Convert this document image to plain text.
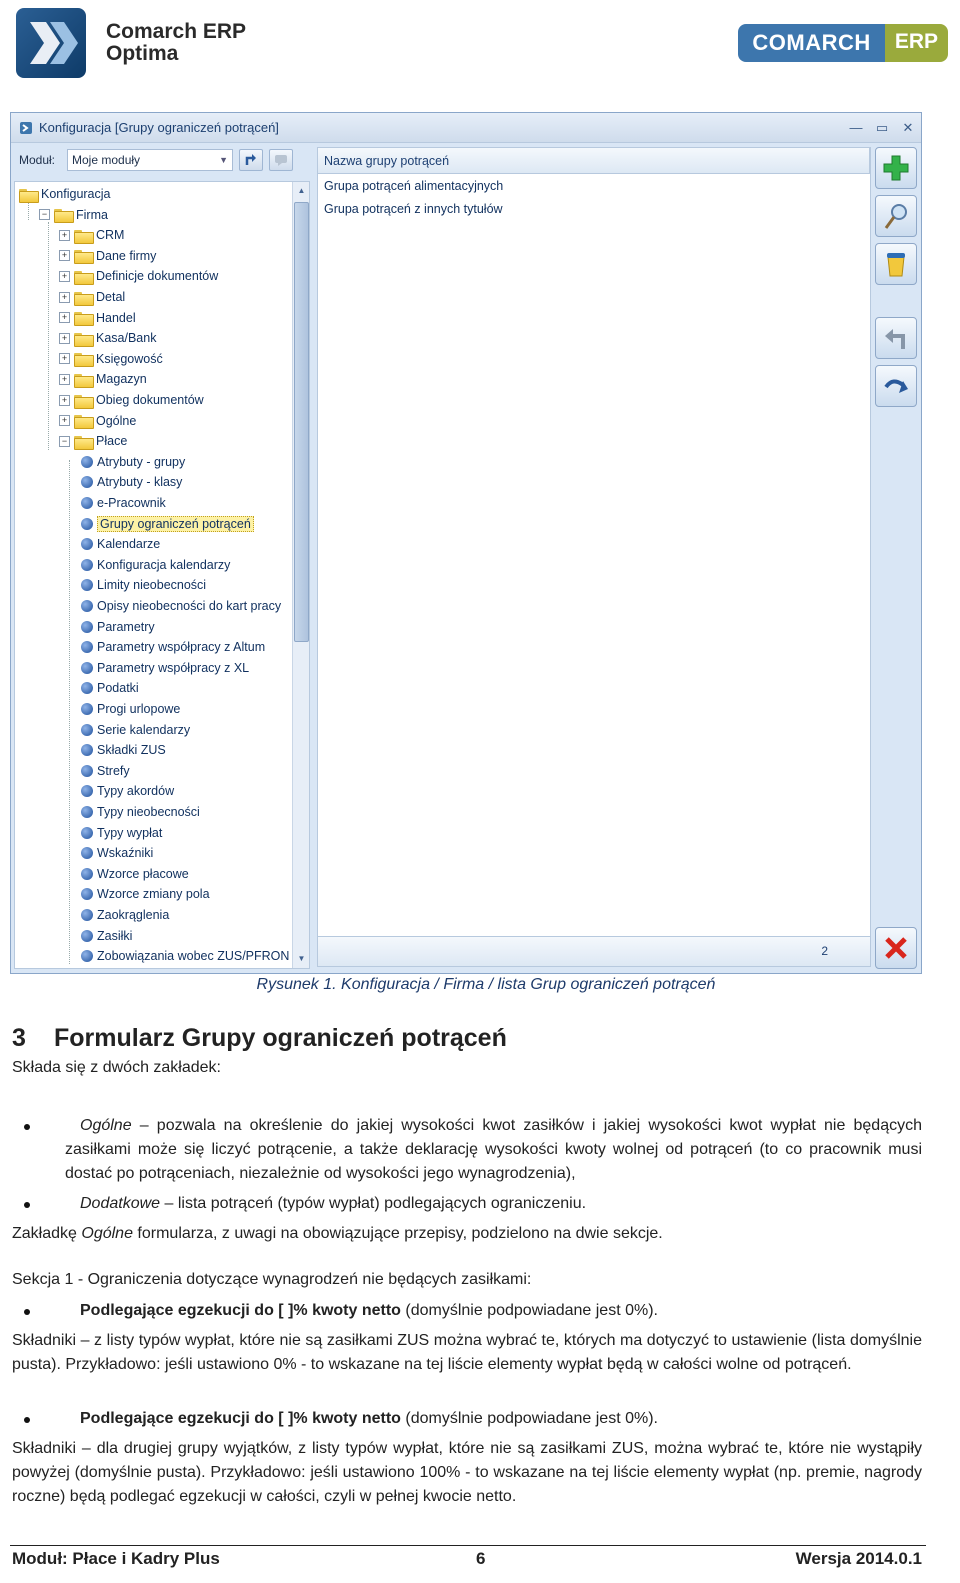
Comarch ERP
Optima	COMARCH	ERP
Konfiguracja [Grupy ograniczeń potrąceń]	—	▭	✕
Moduł:	Moje moduły	▼
▲
▼
Konfiguracja
− Firma
+ CRM
+ Dane firmy
+ Definicje dokumentów
+ Detal
+ Handel
+ Kasa/Bank
+ Księgowość
+ Magazyn
+ Obieg dokumentów
+ Ogólne
− Płace
Atrybuty - grupy
Atrybuty - klasy
e-Pracownik
Grupy ograniczeń potrąceń
Kalendarze
Konfiguracja kalendarzy
Limity nieobecności
Opisy nieobecności do kart pracy
Parametry
Parametry współpracy z Altum
Parametry współpracy z XL
Podatki
Progi urlopowe
Serie kalendarzy
Składki ZUS
Strefy
Typy akordów
Typy nieobecności
Typy wypłat
Wskaźniki
Wzorce płacowe
Wzorce zmiany pola
Zaokrąglenia
Zasiłki
Zobowiązania wobec ZUS/PFRON
Nazwa grupy potrąceń
Grupa potrąceń alimentacyjnych
Grupa potrąceń z innych tytułów
2
Rysunek 1. Konfiguracja / Firma / lista Grup ograniczeń potrąceń
3 Formularz Grupy ograniczeń potrąceń
Składa się z dwóch zakładek:
Ogólne – pozwala na określenie do jakiej wysokości kwot zasiłków i jakiej wysokości kwot wypłat nie będących zasiłkami może się liczyć potrącenie, a także deklarację wysokości kwoty wolnej od potrąceń (to co pracownik musi dostać po potrąceniach, niezależnie od wysokości jego wynagrodzenia),
Dodatkowe – lista potrąceń (typów wypłat) podlegających ograniczeniu.
Zakładkę Ogólne formularza, z uwagi na obowiązujące przepisy, podzielono na dwie sekcje.
Sekcja 1 - Ograniczenia dotyczące wynagrodzeń nie będących zasiłkami:
Podlegające egzekucji do [ ]% kwoty netto (domyślnie podpowiadane jest 0%).
Składniki – z listy typów wypłat, które nie są zasiłkami ZUS można wybrać te, których ma dotyczyć to ustawienie (lista domyślnie pusta). Przykładowo: jeśli ustawiono 0% - to wskazane na tej liście elementy wypłat będą w całości wolne od potrąceń.
Podlegające egzekucji do [ ]% kwoty netto (domyślnie podpowiadane jest 0%).
Składniki – dla drugiej grupy wyjątków, z listy typów wypłat, które nie są zasiłkami ZUS, można wybrać te, które nie wystąpiły powyżej (domyślnie pusta). Przykładowo: jeśli ustawiono 100% - to wskazane na tej liście elementy wypłat (np. premie, nagrody roczne) będą podlegać egzekucji w całości, czyli w pełnej kwocie netto.
Moduł: Płace i Kadry Plus	6	Wersja 2014.0.1
